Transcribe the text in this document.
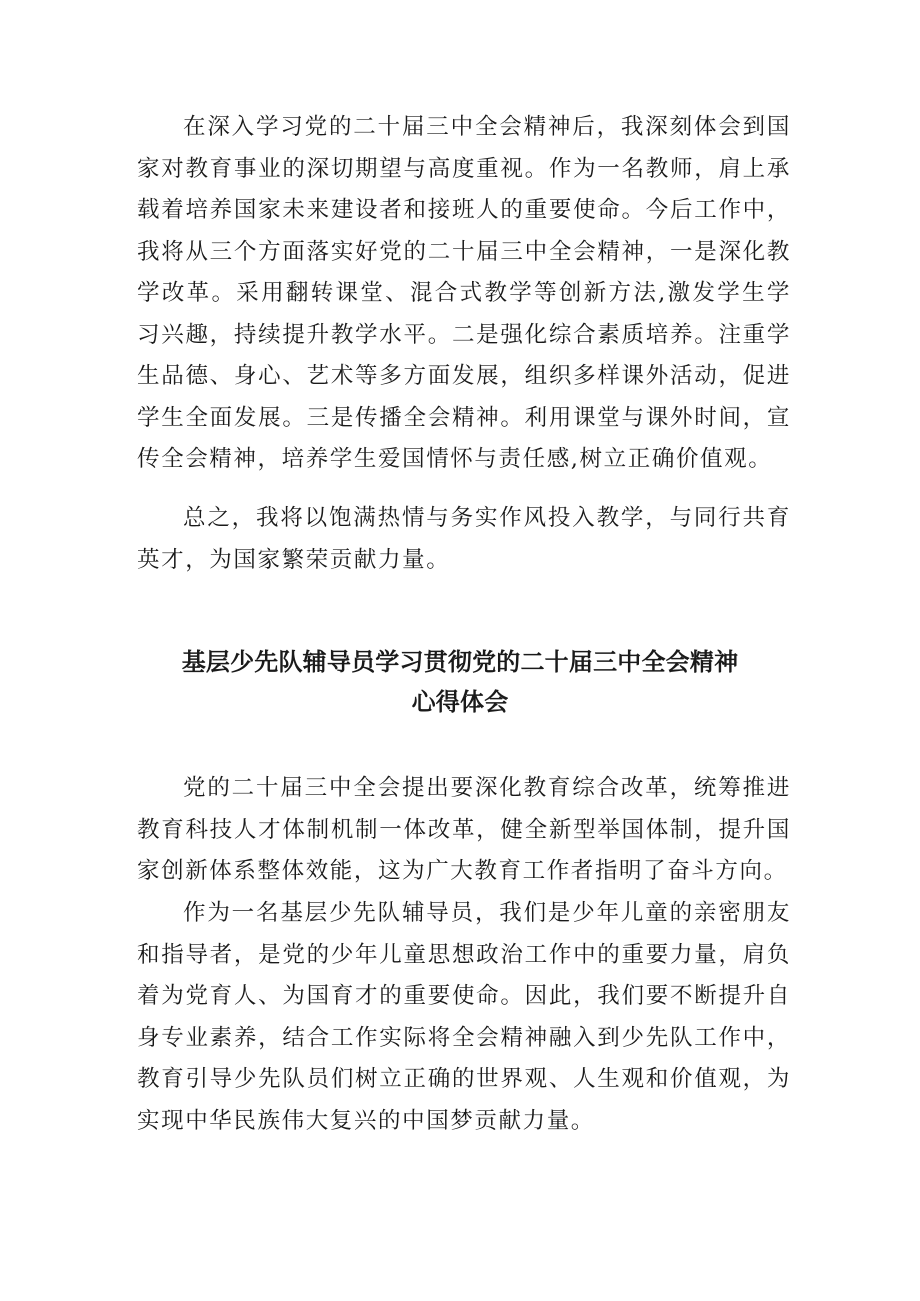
在深入学习党的二十届三中全会精神后，我深刻体会到国家对教育事业的深切期望与高度重视。作为一名教师，肩上承载着培养国家未来建设者和接班人的重要使命。今后工作中，我将从三个方面落实好党的二十届三中全会精神，一是深化教学改革。采用翻转课堂、混合式教学等创新方法,激发学生学习兴趣，持续提升教学水平。二是强化综合素质培养。注重学生品德、身心、艺术等多方面发展，组织多样课外活动，促进学生全面发展。三是传播全会精神。利用课堂与课外时间，宣传全会精神，培养学生爱国情怀与责任感,树立正确价值观。

总之，我将以饱满热情与务实作风投入教学，与同行共育英才，为国家繁荣贡献力量。

基层少先队辅导员学习贯彻党的二十届三中全会精神
心得体会

党的二十届三中全会提出要深化教育综合改革，统筹推进教育科技人才体制机制一体改革，健全新型举国体制，提升国家创新体系整体效能，这为广大教育工作者指明了奋斗方向。

作为一名基层少先队辅导员，我们是少年儿童的亲密朋友和指导者，是党的少年儿童思想政治工作中的重要力量，肩负着为党育人、为国育才的重要使命。因此，我们要不断提升自身专业素养，结合工作实际将全会精神融入到少先队工作中，教育引导少先队员们树立正确的世界观、人生观和价值观，为实现中华民族伟大复兴的中国梦贡献力量。
